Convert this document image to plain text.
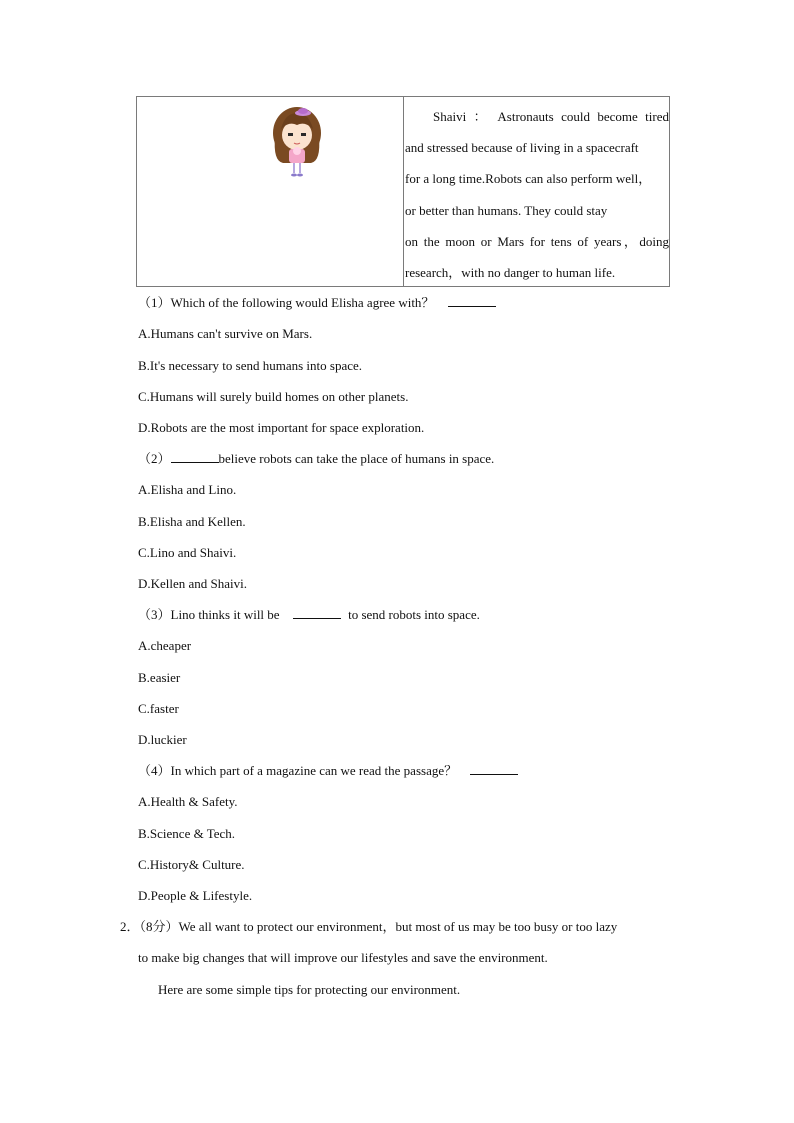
Shaivi ： Astronauts could become tired
and stressed because of living in a spacecraft
for a long time.Robots can also perform well，
or better than humans. They could stay
on the moon or Mars for tens of years，doing
research，with no danger to human life.
（1）Which of the following would Elisha agree with？
A.Humans can't survive on Mars.
B.It's necessary to send humans into space.
C.Humans will surely build homes on other planets.
D.Robots are the most important for space exploration.
（2）	believe robots can take the place of humans in space.
A.Elisha and Lino.
B.Elisha and Kellen.
C.Lino and Shaivi.
D.Kellen and Shaivi.
（3）Lino thinks it will be	to send robots into space.
A.cheaper
B.easier
C.faster
D.luckier
（4）In which part of a magazine can we read the passage？
A.Health & Safety.
B.Science & Tech.
C.History& Culture.
D.People & Lifestyle.
2．（8分）We all want to protect our environment，but most of us may be too busy or too lazy
to make big changes that will improve our lifestyles and save the environment.
Here are some simple tips for protecting our environment.
